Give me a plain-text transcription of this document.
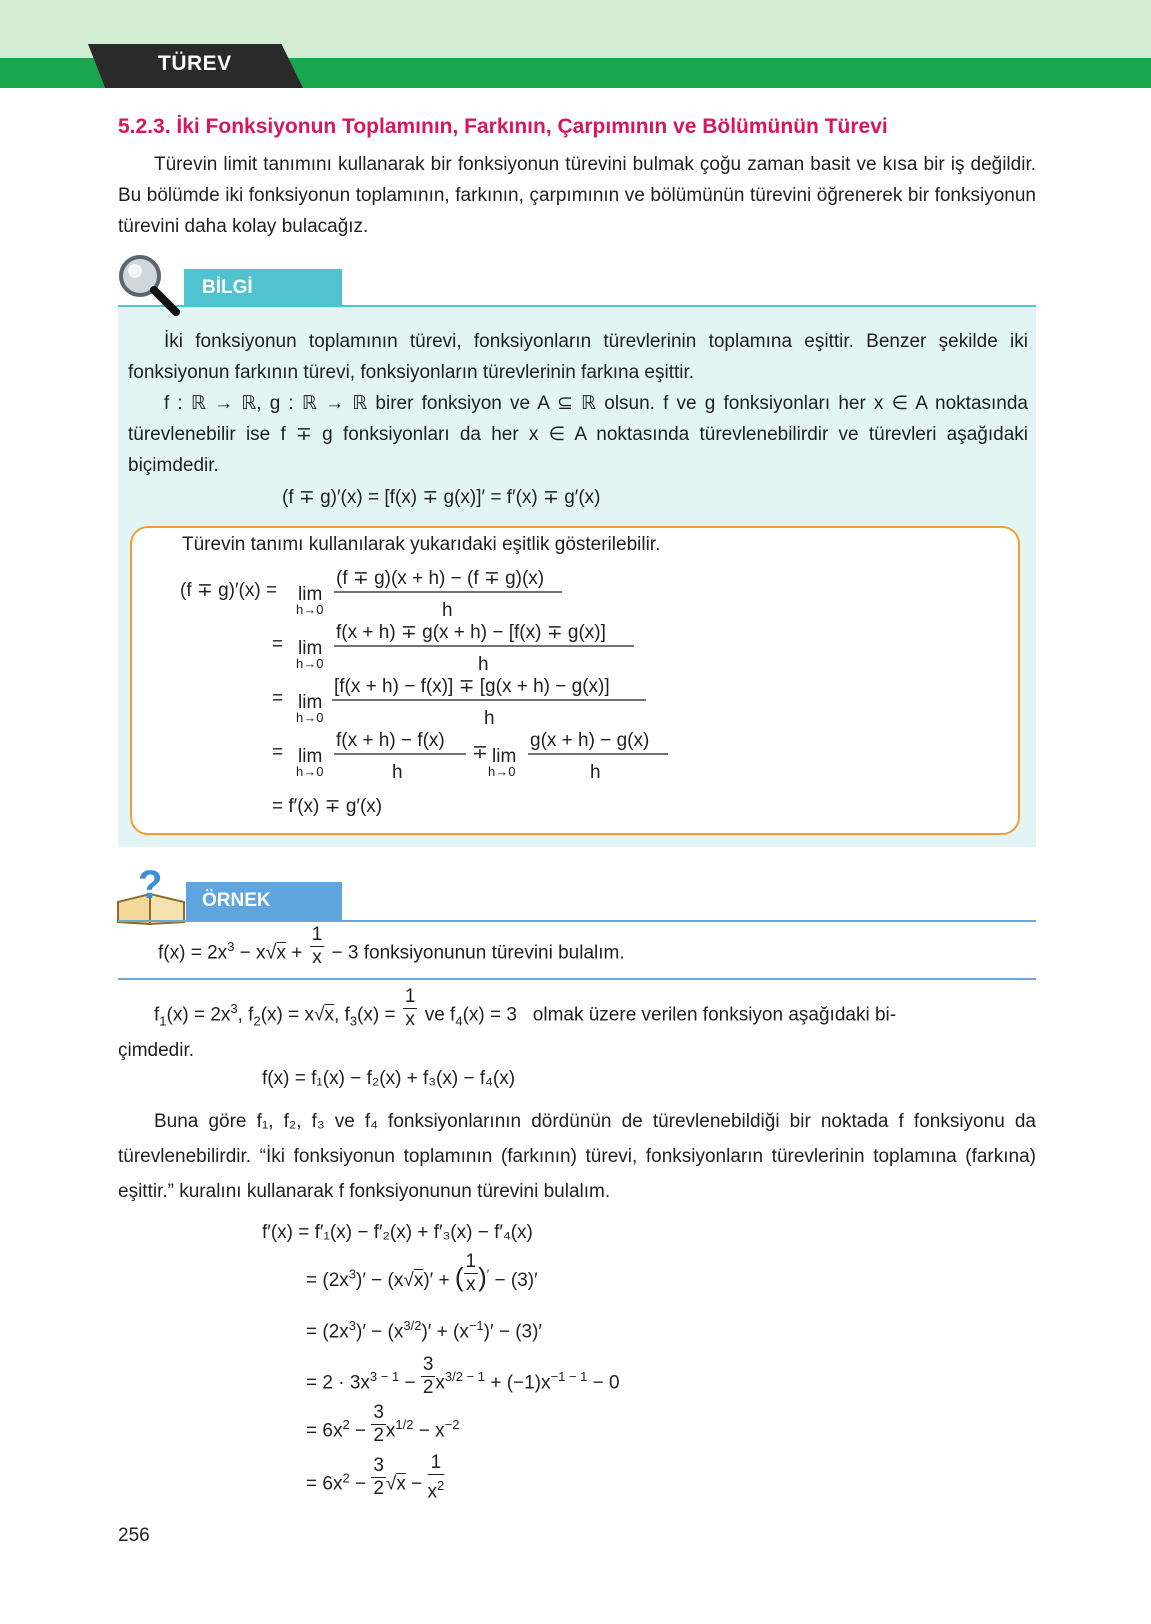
TÜREV
5.2.3. İki Fonksiyonun Toplamının, Farkının, Çarpımının ve Bölümünün Türevi

Türevin limit tanımını kullanarak bir fonksiyonun türevini bulmak çoğu zaman basit ve kısa bir iş değildir. Bu bölümde iki fonksiyonun toplamının, farkının, çarpımının ve bölümünün türevini öğrenerek bir fonksiyonun türevini daha kolay bulacağız.

BİLGİ

İki fonksiyonun toplamının türevi, fonksiyonların türevlerinin toplamına eşittir. Benzer şekilde iki fonksiyonun farkının türevi, fonksiyonların türevlerinin farkına eşittir.

f : ℝ → ℝ, g : ℝ → ℝ birer fonksiyon ve A ⊆ ℝ olsun. f ve g fonksiyonları her x ∈ A noktasında türevlenebilir ise f ∓ g fonksiyonları da her x ∈ A noktasında türevlenebilirdir ve türevleri aşağıdaki biçimdedir.

(f ∓ g)′(x) = [f(x) ∓ g(x)]′ = f′(x) ∓ g′(x)
Türevin tanımı kullanılarak yukarıdaki eşitlik gösterilebilir.
(f ∓ g)′(x) = lim
h→0
(f ∓ g)(x + h) − (f ∓ g)(x)
h
= lim
h→0
f(x + h) ∓ g(x + h) − [f(x) ∓ g(x)]
h
= lim
h→0
[f(x + h) − f(x)] ∓ [g(x + h) − g(x)]
h
= lim
h→0
f(x + h) − f(x)
h
∓ lim
h→0
g(x + h) − g(x)
h
= f′(x) ∓ g′(x)
? ÖRNEK
$f(x) = 2x^3 - x√x + \frac{1}{x} - 3$ fonksiyonunun türevini bulalım.
$f_1(x) = 2x^3$, $f_2(x) = x√x$, $f_3(x) = \frac{1}{x}$ ve $f_4(x) = 3$   olmak üzere verilen fonksiyon aşağıdaki bi-
çimdedir.
f(x) = f₁(x) − f₂(x) + f₃(x) − f₄(x)

Buna göre f₁, f₂, f₃ ve f₄ fonksiyonlarının dördünün de türevlenebildiği bir noktada f fonksiyonu da türevlenebilirdir. “İki fonksiyonun toplamının (farkının) türevi, fonksiyonların türevlerinin toplamına (farkına) eşittir.” kuralını kullanarak f fonksiyonunun türevini bulalım.

f′(x) = f′₁(x) − f′₂(x) + f′₃(x) − f′₄(x)
= $(2x^3)' - (x√x)'$ + ( $\frac{1}{x} )' - (3)'$
= $(2x^3)' - (x^{3/2})' + (x^{-1})' - (3)'$
= $2 \cdot 3x^{3 - 1} - \frac{3}{2} x^{3/2 - 1} + (-1)x^{-1 - 1} - 0$
= $6x^2 - \frac{3}{2} x^{1/2} - x^{-2}$
= $6x^2 - \frac{3}{2} √x - \frac{1}{x^2}$
256
